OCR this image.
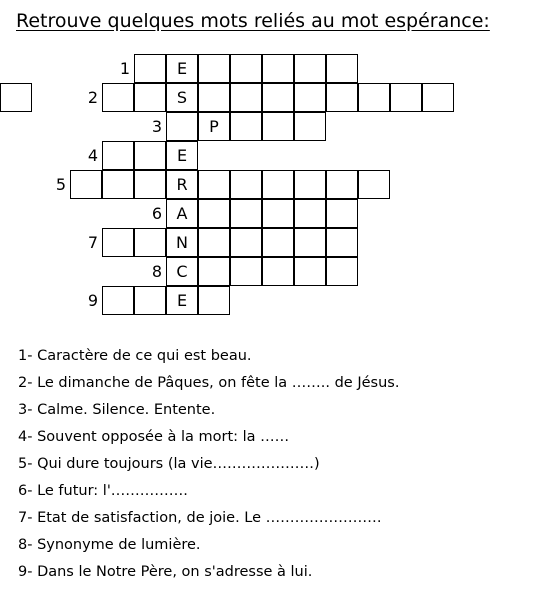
Retrouve quelques mots reliés au mot espérance:
1	E
2	S
3	P
4	E
5	R
6 A
7	N
8 C
9	E
1- Caractère de ce qui est beau.
2- Le dimanche de Pâques, on fête la …….. de Jésus.
3- Calme. Silence. Entente.
4- Souvent opposée à la mort: la ……
5- Qui dure toujours (la vie…………………)
6- Le futur: l'…………….
7- Etat de satisfaction, de joie. Le ……………………
8- Synonyme de lumière.
9- Dans le Notre Père, on s'adresse à lui.
